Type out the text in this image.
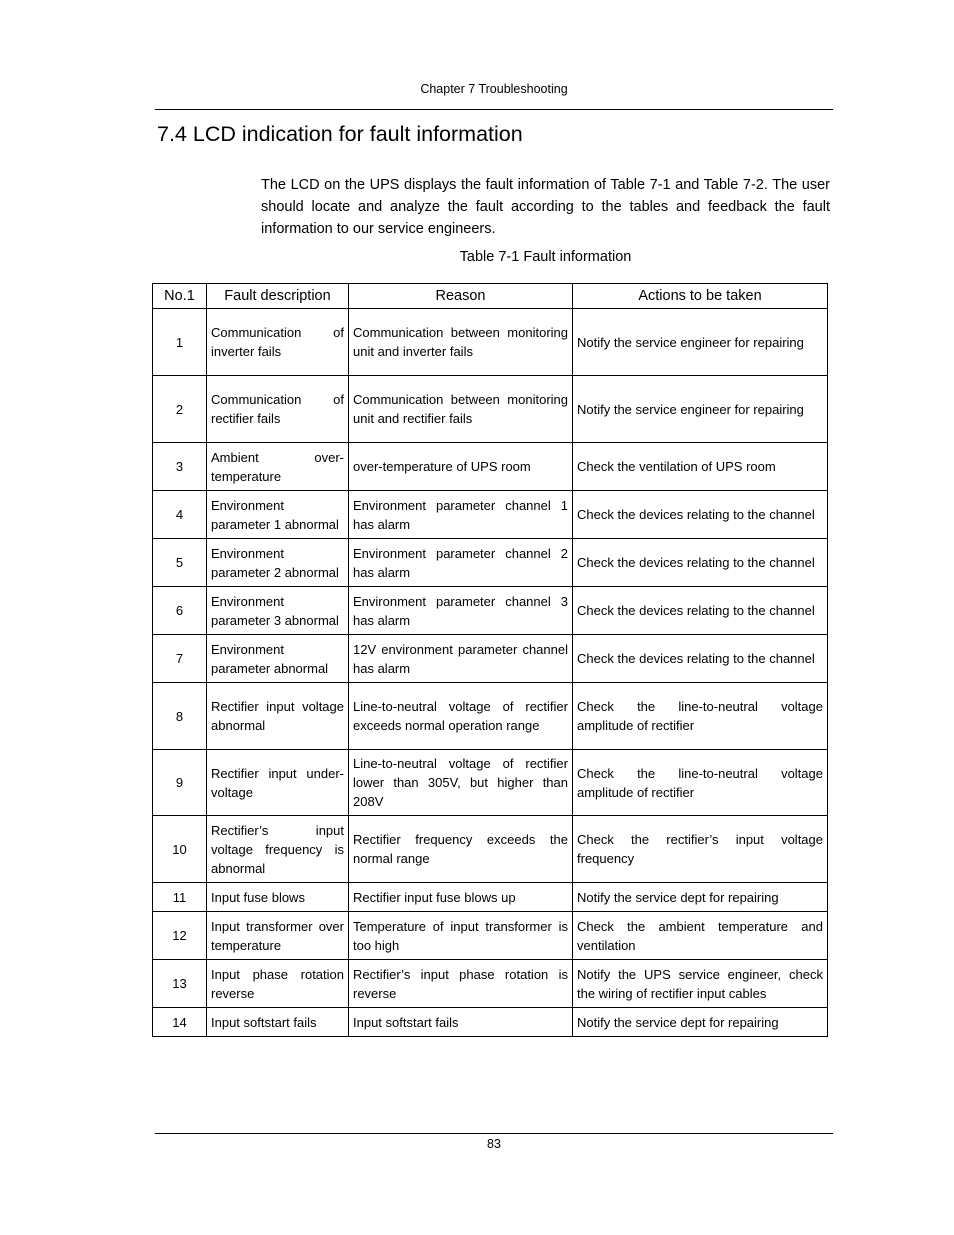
Chapter 7 Troubleshooting
7.4 LCD indication for fault information

The LCD on the UPS displays the fault information of Table 7-1 and Table 7-2. The user should locate and analyze the fault according to the tables and feedback the fault information to our service engineers.

Table 7-1 Fault information
No.1	Fault description	Reason	Actions to be taken
1	Communication of inverter fails	Communication between monitoring unit and inverter fails	Notify the service engineer for repairing
2	Communication of rectifier fails	Communication between monitoring unit and rectifier fails	Notify the service engineer for repairing
3	Ambient over-temperature	over-temperature of UPS room	Check the ventilation of UPS room
4	Environment parameter 1 abnormal	Environment parameter channel 1 has alarm	Check the devices relating to the channel
5	Environment parameter 2 abnormal	Environment parameter channel 2 has alarm	Check the devices relating to the channel
6	Environment parameter 3 abnormal	Environment parameter channel 3 has alarm	Check the devices relating to the channel
7	Environment parameter abnormal	12V environment parameter channel has alarm	Check the devices relating to the channel
8	Rectifier input voltage abnormal	Line-to-neutral voltage of rectifier exceeds normal operation range	Check the line-to-neutral voltage amplitude of rectifier
9	Rectifier input under-voltage	Line-to-neutral voltage of rectifier lower than 305V, but higher than 208V	Check the line-to-neutral voltage amplitude of rectifier
10	Rectifier’s input voltage frequency is abnormal	Rectifier frequency exceeds the normal range	Check the rectifier’s input voltage frequency
11	Input fuse blows	Rectifier input fuse blows up	Notify the service dept for repairing
12	Input transformer over temperature	Temperature of input transformer is too high	Check the ambient temperature and ventilation
13	Input phase rotation reverse	Rectifier’s input phase rotation is reverse	Notify the UPS service engineer, check the wiring of rectifier input cables
14	Input softstart fails	Input softstart fails	Notify the service dept for repairing
83
